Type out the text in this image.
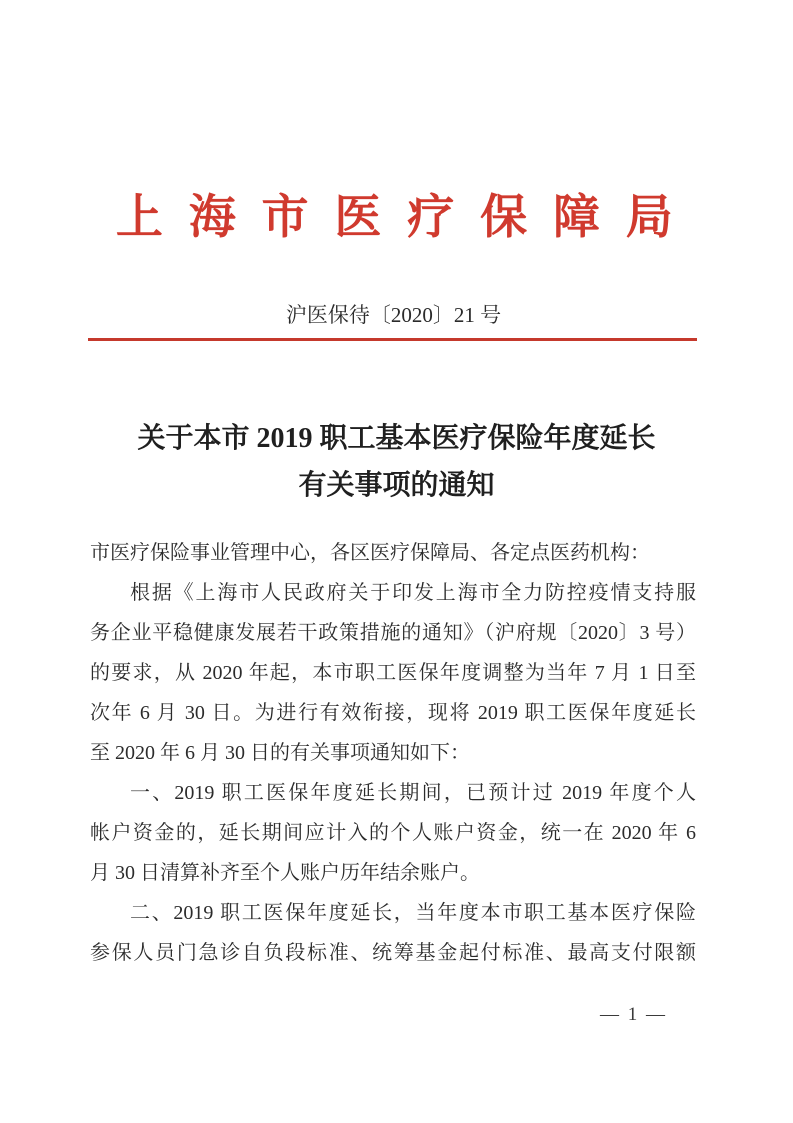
上海市医疗保障局
沪医保待〔2020〕21 号
关于本市 2019 职工基本医疗保险年度延长
有关事项的通知
市医疗保险事业管理中心，各区医疗保障局、各定点医药机构：
根据《上海市人民政府关于印发上海市全力防控疫情支持服
务企业平稳健康发展若干政策措施的通知》（沪府规〔2020〕3 号）
的要求，从 2020 年起，本市职工医保年度调整为当年 7 月 1 日至
次年 6 月 30 日。为进行有效衔接，现将 2019 职工医保年度延长
至 2020 年 6 月 30 日的有关事项通知如下：
一、2019 职工医保年度延长期间，已预计过 2019 年度个人
帐户资金的，延长期间应计入的个人账户资金，统一在 2020 年 6
月 30 日清算补齐至个人账户历年结余账户。
二、2019 职工医保年度延长，当年度本市职工基本医疗保险
参保人员门急诊自负段标准、统筹基金起付标准、最高支付限额
— 1 —
